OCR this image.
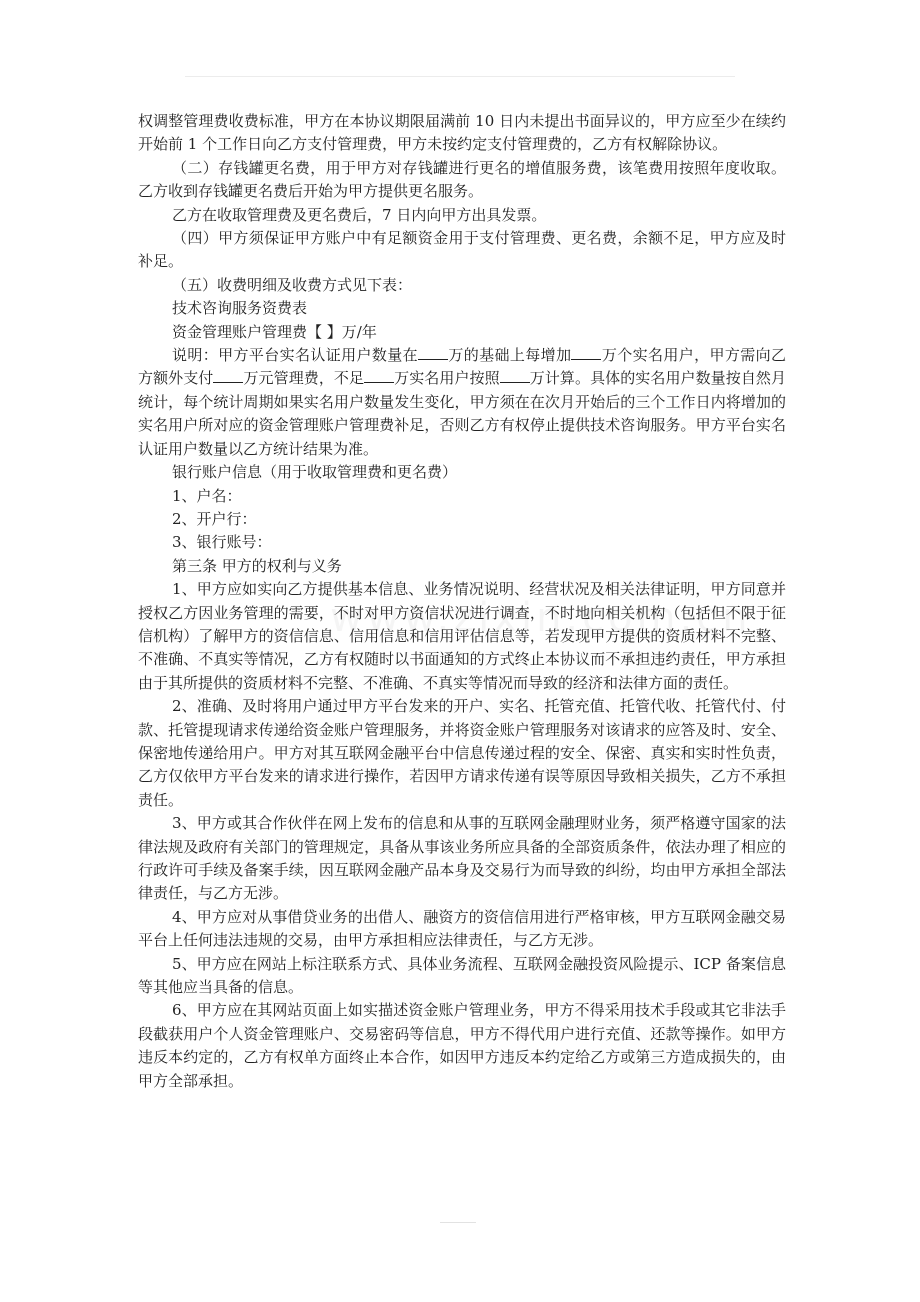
权调整管理费收费标准，甲方在本协议期限届满前 10 日内未提出书面异议的，甲方应至少在续约开始前 1 个工作日向乙方支付管理费，甲方未按约定支付管理费的，乙方有权解除协议。

（二）存钱罐更名费，用于甲方对存钱罐进行更名的增值服务费，该笔费用按照年度收取。乙方收到存钱罐更名费后开始为甲方提供更名服务。

乙方在收取管理费及更名费后，7 日内向甲方出具发票。

（四）甲方须保证甲方账户中有足额资金用于支付管理费、更名费，余额不足，甲方应及时补足。

（五）收费明细及收费方式见下表：

技术咨询服务资费表

资金管理账户管理费【 】万/年

说明：甲方平台实名认证用户数量在 万的基础上每增加 万个实名用户，甲方需向乙方额外支付 万元管理费，不足 万实名用户按照 万计算。具体的实名用户数量按自然月统计，每个统计周期如果实名用户数量发生变化，甲方须在在次月开始后的三个工作日内将增加的实名用户所对应的资金管理账户管理费补足，否则乙方有权停止提供技术咨询服务。甲方平台实名认证用户数量以乙方统计结果为准。

银行账户信息（用于收取管理费和更名费）

1、户名：

2、开户行：

3、银行账号：

第三条 甲方的权利与义务

1、甲方应如实向乙方提供基本信息、业务情况说明、经营状况及相关法律证明，甲方同意并授权乙方因业务管理的需要，不时对甲方资信状况进行调查，不时地向相关机构（包括但不限于征信机构）了解甲方的资信信息、信用信息和信用评估信息等，若发现甲方提供的资质材料不完整、不准确、不真实等情况，乙方有权随时以书面通知的方式终止本协议而不承担违约责任，甲方承担由于其所提供的资质材料不完整、不准确、不真实等情况而导致的经济和法律方面的责任。

2、准确、及时将用户通过甲方平台发来的开户、实名、托管充值、托管代收、托管代付、付款、托管提现请求传递给资金账户管理服务，并将资金账户管理服务对该请求的应答及时、安全、保密地传递给用户。甲方对其互联网金融平台中信息传递过程的安全、保密、真实和实时性负责，乙方仅依甲方平台发来的请求进行操作，若因甲方请求传递有误等原因导致相关损失，乙方不承担责任。

3、甲方或其合作伙伴在网上发布的信息和从事的互联网金融理财业务，须严格遵守国家的法律法规及政府有关部门的管理规定，具备从事该业务所应具备的全部资质条件，依法办理了相应的行政许可手续及备案手续，因互联网金融产品本身及交易行为而导致的纠纷，均由甲方承担全部法律责任，与乙方无涉。

4、甲方应对从事借贷业务的出借人、融资方的资信信用进行严格审核，甲方互联网金融交易平台上任何违法违规的交易，由甲方承担相应法律责任，与乙方无涉。

5、甲方应在网站上标注联系方式、具体业务流程、互联网金融投资风险提示、ICP 备案信息等其他应当具备的信息。

6、甲方应在其网站页面上如实描述资金账户管理业务，甲方不得采用技术手段或其它非法手段截获用户个人资金管理账户、交易密码等信息，甲方不得代用户进行充值、还款等操作。如甲方违反本约定的，乙方有权单方面终止本合作，如因甲方违反本约定给乙方或第三方造成损失的，由甲方全部承担。
